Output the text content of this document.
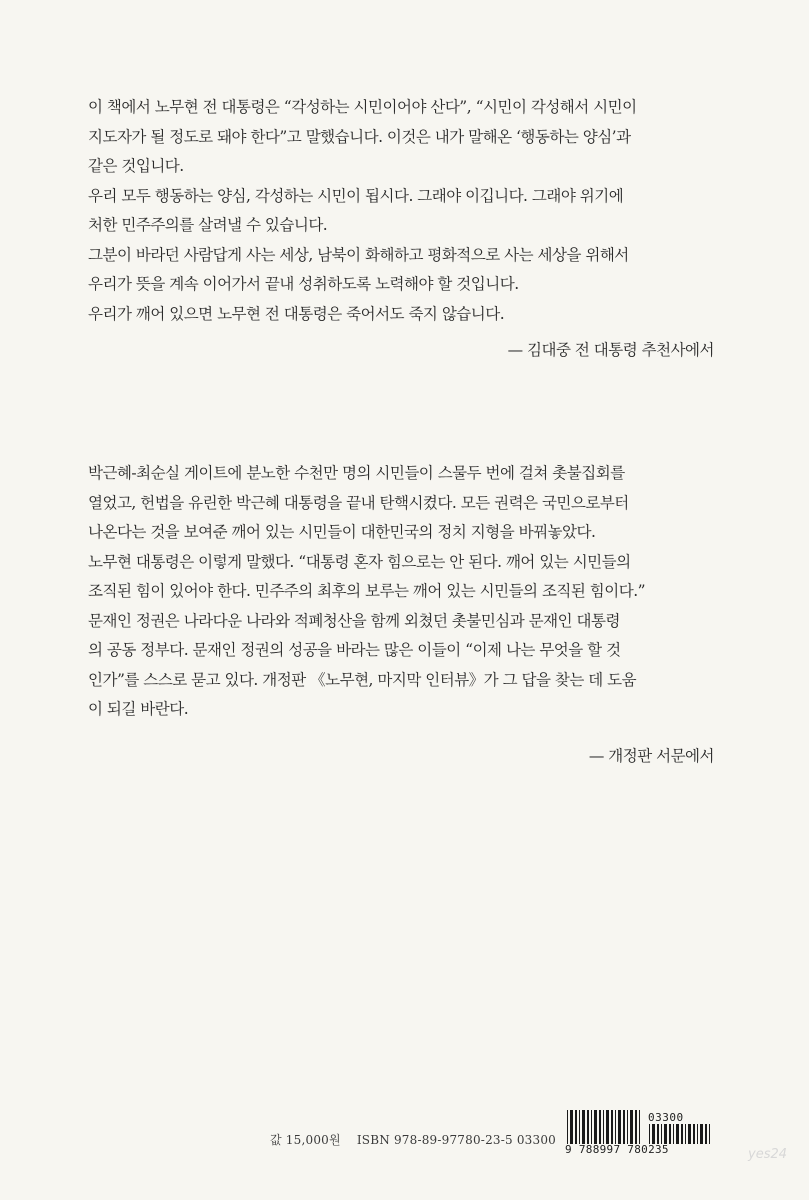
이 책에서 노무현 전 대통령은 “각성하는 시민이어야 산다”, “시민이 각성해서 시민이

지도자가 될 정도로 돼야 한다”고 말했습니다. 이것은 내가 말해온 ‘행동하는 양심’과

같은 것입니다.

우리 모두 행동하는 양심, 각성하는 시민이 됩시다. 그래야 이깁니다. 그래야 위기에

처한 민주주의를 살려낼 수 있습니다.

그분이 바라던 사람답게 사는 세상, 남북이 화해하고 평화적으로 사는 세상을 위해서

우리가 뜻을 계속 이어가서 끝내 성취하도록 노력해야 할 것입니다.

우리가 깨어 있으면 노무현 전 대통령은 죽어서도 죽지 않습니다.

— 김대중 전 대통령 추천사에서

박근혜-최순실 게이트에 분노한 수천만 명의 시민들이 스물두 번에 걸쳐 촛불집회를

열었고, 헌법을 유린한 박근혜 대통령을 끝내 탄핵시켰다. 모든 권력은 국민으로부터

나온다는 것을 보여준 깨어 있는 시민들이 대한민국의 정치 지형을 바꿔놓았다.

노무현 대통령은 이렇게 말했다. “대통령 혼자 힘으로는 안 된다. 깨어 있는 시민들의

조직된 힘이 있어야 한다. 민주주의 최후의 보루는 깨어 있는 시민들의 조직된 힘이다.”

문재인 정권은 나라다운 나라와 적폐청산을 함께 외쳤던 촛불민심과 문재인 대통령

의 공동 정부다. 문재인 정권의 성공을 바라는 많은 이들이 “이제 나는 무엇을 할 것

인가”를 스스로 묻고 있다. 개정판 《노무현, 마지막 인터뷰》가 그 답을 찾는 데 도움

이 되길 바란다.

— 개정판 서문에서
값 15,000원 ISBN 978-89-97780-23-5 03300
03300
9 788997 780235	yes24
